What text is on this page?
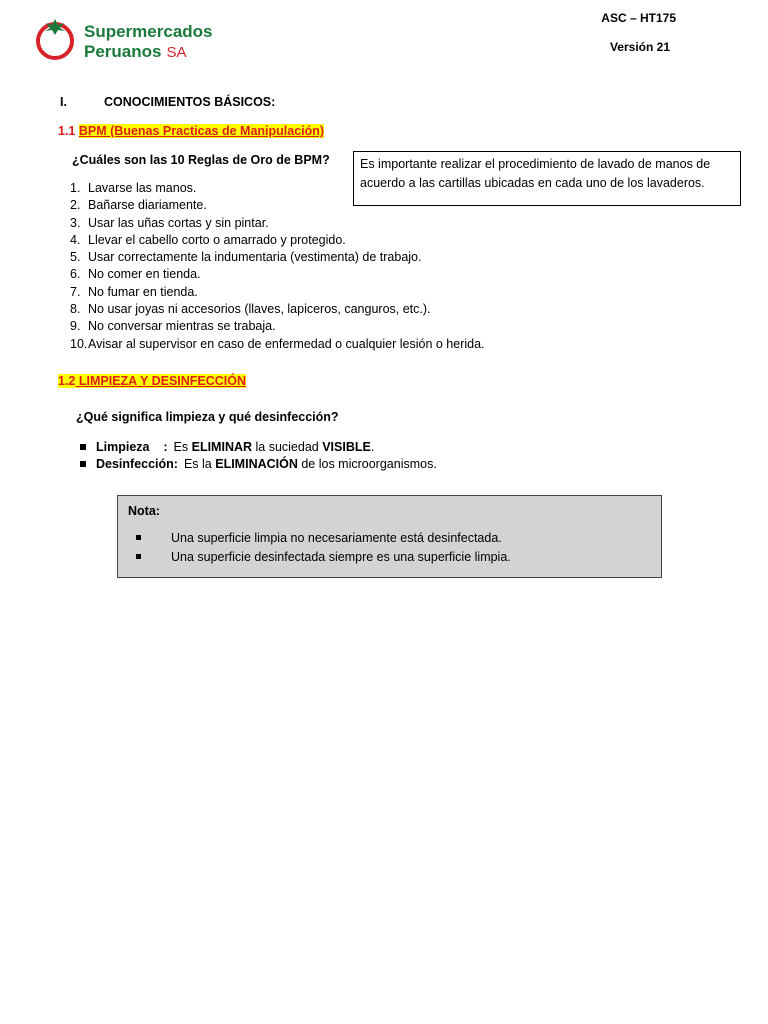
Supermercados
Peruanos SA
ASC – HT175
Versión 21
I.	CONOCIMIENTOS BÁSICOS:
1.1 BPM (Buenas Practicas de Manipulación)
¿Cuáles son las 10 Reglas de Oro de BPM?
1. Lavarse las manos.
2. Bañarse diariamente.
3. Usar las uñas cortas y sin pintar.
4. Llevar el cabello corto o amarrado y protegido.
5. Usar correctamente la indumentaria (vestimenta) de trabajo.
6. No comer en tienda.
7. No fumar en tienda.
8. No usar joyas ni accesorios (llaves, lapiceros, canguros, etc.).
9. No conversar mientras se trabaja.
10.Avisar al supervisor en caso de enfermedad o cualquier lesión o herida.
Es importante realizar el procedimiento de lavado de manos de acuerdo a las cartillas ubicadas en cada uno de los lavaderos.
1.2 LIMPIEZA Y DESINFECCIÓN
¿Qué significa limpieza y qué desinfección?
Limpieza    : Es ELIMINAR la suciedad VISIBLE.
Desinfección: Es la ELIMINACIÓN de los microorganismos.
Nota:
Una superficie limpia no necesariamente está desinfectada.
Una superficie desinfectada siempre es una superficie limpia.
